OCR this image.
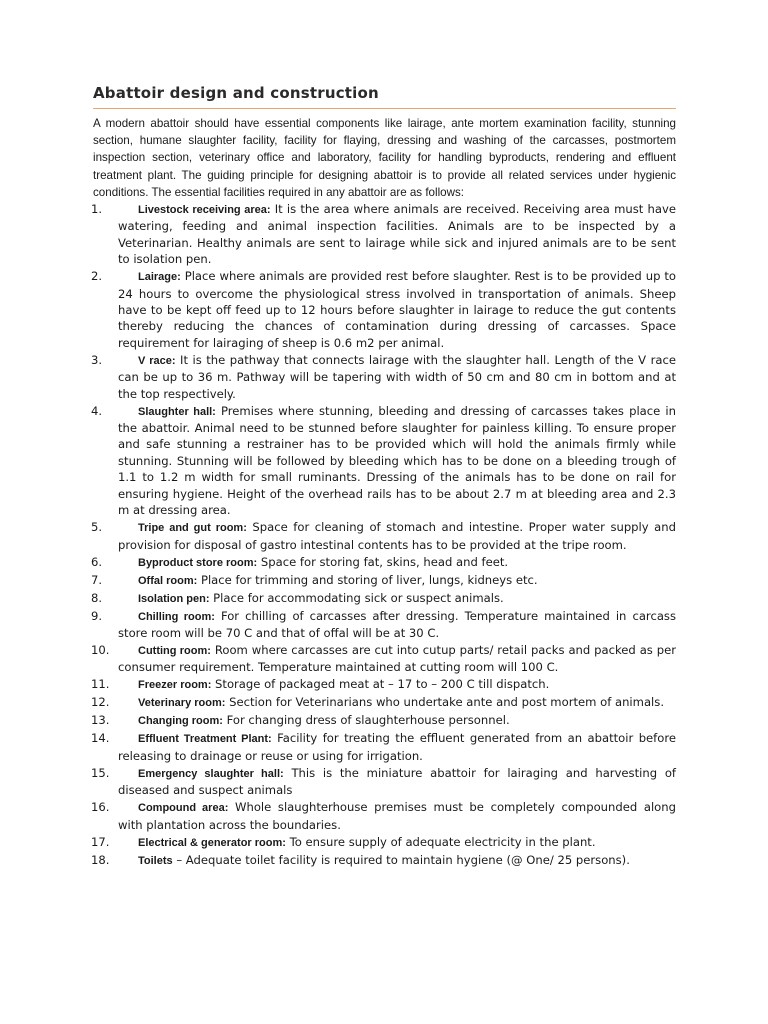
Abattoir design and construction

A modern abattoir should have essential components like lairage, ante mortem examination facility, stunning section, humane slaughter facility, facility for flaying, dressing and washing of the carcasses, postmortem inspection section, veterinary office and laboratory, facility for handling byproducts, rendering and effluent treatment plant. The guiding principle for designing abattoir is to provide all related services under hygienic conditions. The essential facilities required in any abattoir are as follows:

1.	Livestock receiving area: It is the area where animals are received. Receiving area must have watering, feeding and animal inspection facilities. Animals are to be inspected by a Veterinarian. Healthy animals are sent to lairage while sick and injured animals are to be sent to isolation pen.
2.	Lairage: Place where animals are provided rest before slaughter. Rest is to be provided up to 24 hours to overcome the physiological stress involved in transportation of animals. Sheep have to be kept off feed up to 12 hours before slaughter in lairage to reduce the gut contents thereby reducing the chances of contamination during dressing of carcasses. Space requirement for lairaging of sheep is 0.6 m2 per animal.
3.	V race: It is the pathway that connects lairage with the slaughter hall. Length of the V race can be up to 36 m. Pathway will be tapering with width of 50 cm and 80 cm in bottom and at the top respectively.
4.	Slaughter hall: Premises where stunning, bleeding and dressing of carcasses takes place in the abattoir. Animal need to be stunned before slaughter for painless killing. To ensure proper and safe stunning a restrainer has to be provided which will hold the animals firmly while stunning. Stunning will be followed by bleeding which has to be done on a bleeding trough of 1.1 to 1.2 m width for small ruminants. Dressing of the animals has to be done on rail for ensuring hygiene. Height of the overhead rails has to be about 2.7 m at bleeding area and 2.3 m at dressing area.
5.	Tripe and gut room: Space for cleaning of stomach and intestine. Proper water supply and provision for disposal of gastro intestinal contents has to be provided at the tripe room.
6.	Byproduct store room: Space for storing fat, skins, head and feet.
7.	Offal room: Place for trimming and storing of liver, lungs, kidneys etc.
8.	Isolation pen: Place for accommodating sick or suspect animals.
9.	Chilling room: For chilling of carcasses after dressing. Temperature maintained in carcass store room will be 70 C and that of offal will be at 30 C.
10.	Cutting room: Room where carcasses are cut into cutup parts/ retail packs and packed as per consumer requirement. Temperature maintained at cutting room will 100 C.
11.	Freezer room: Storage of packaged meat at – 17 to – 200 C till dispatch.
12.	Veterinary room: Section for Veterinarians who undertake ante and post mortem of animals.
13.	Changing room: For changing dress of slaughterhouse personnel.
14.	Effluent Treatment Plant: Facility for treating the effluent generated from an abattoir before releasing to drainage or reuse or using for irrigation.
15.	Emergency slaughter hall: This is the miniature abattoir for lairaging and harvesting of diseased and suspect animals
16.	Compound area: Whole slaughterhouse premises must be completely compounded along with plantation across the boundaries.
17.	Electrical & generator room: To ensure supply of adequate electricity in the plant.
18.	Toilets – Adequate toilet facility is required to maintain hygiene (@ One/ 25 persons).
